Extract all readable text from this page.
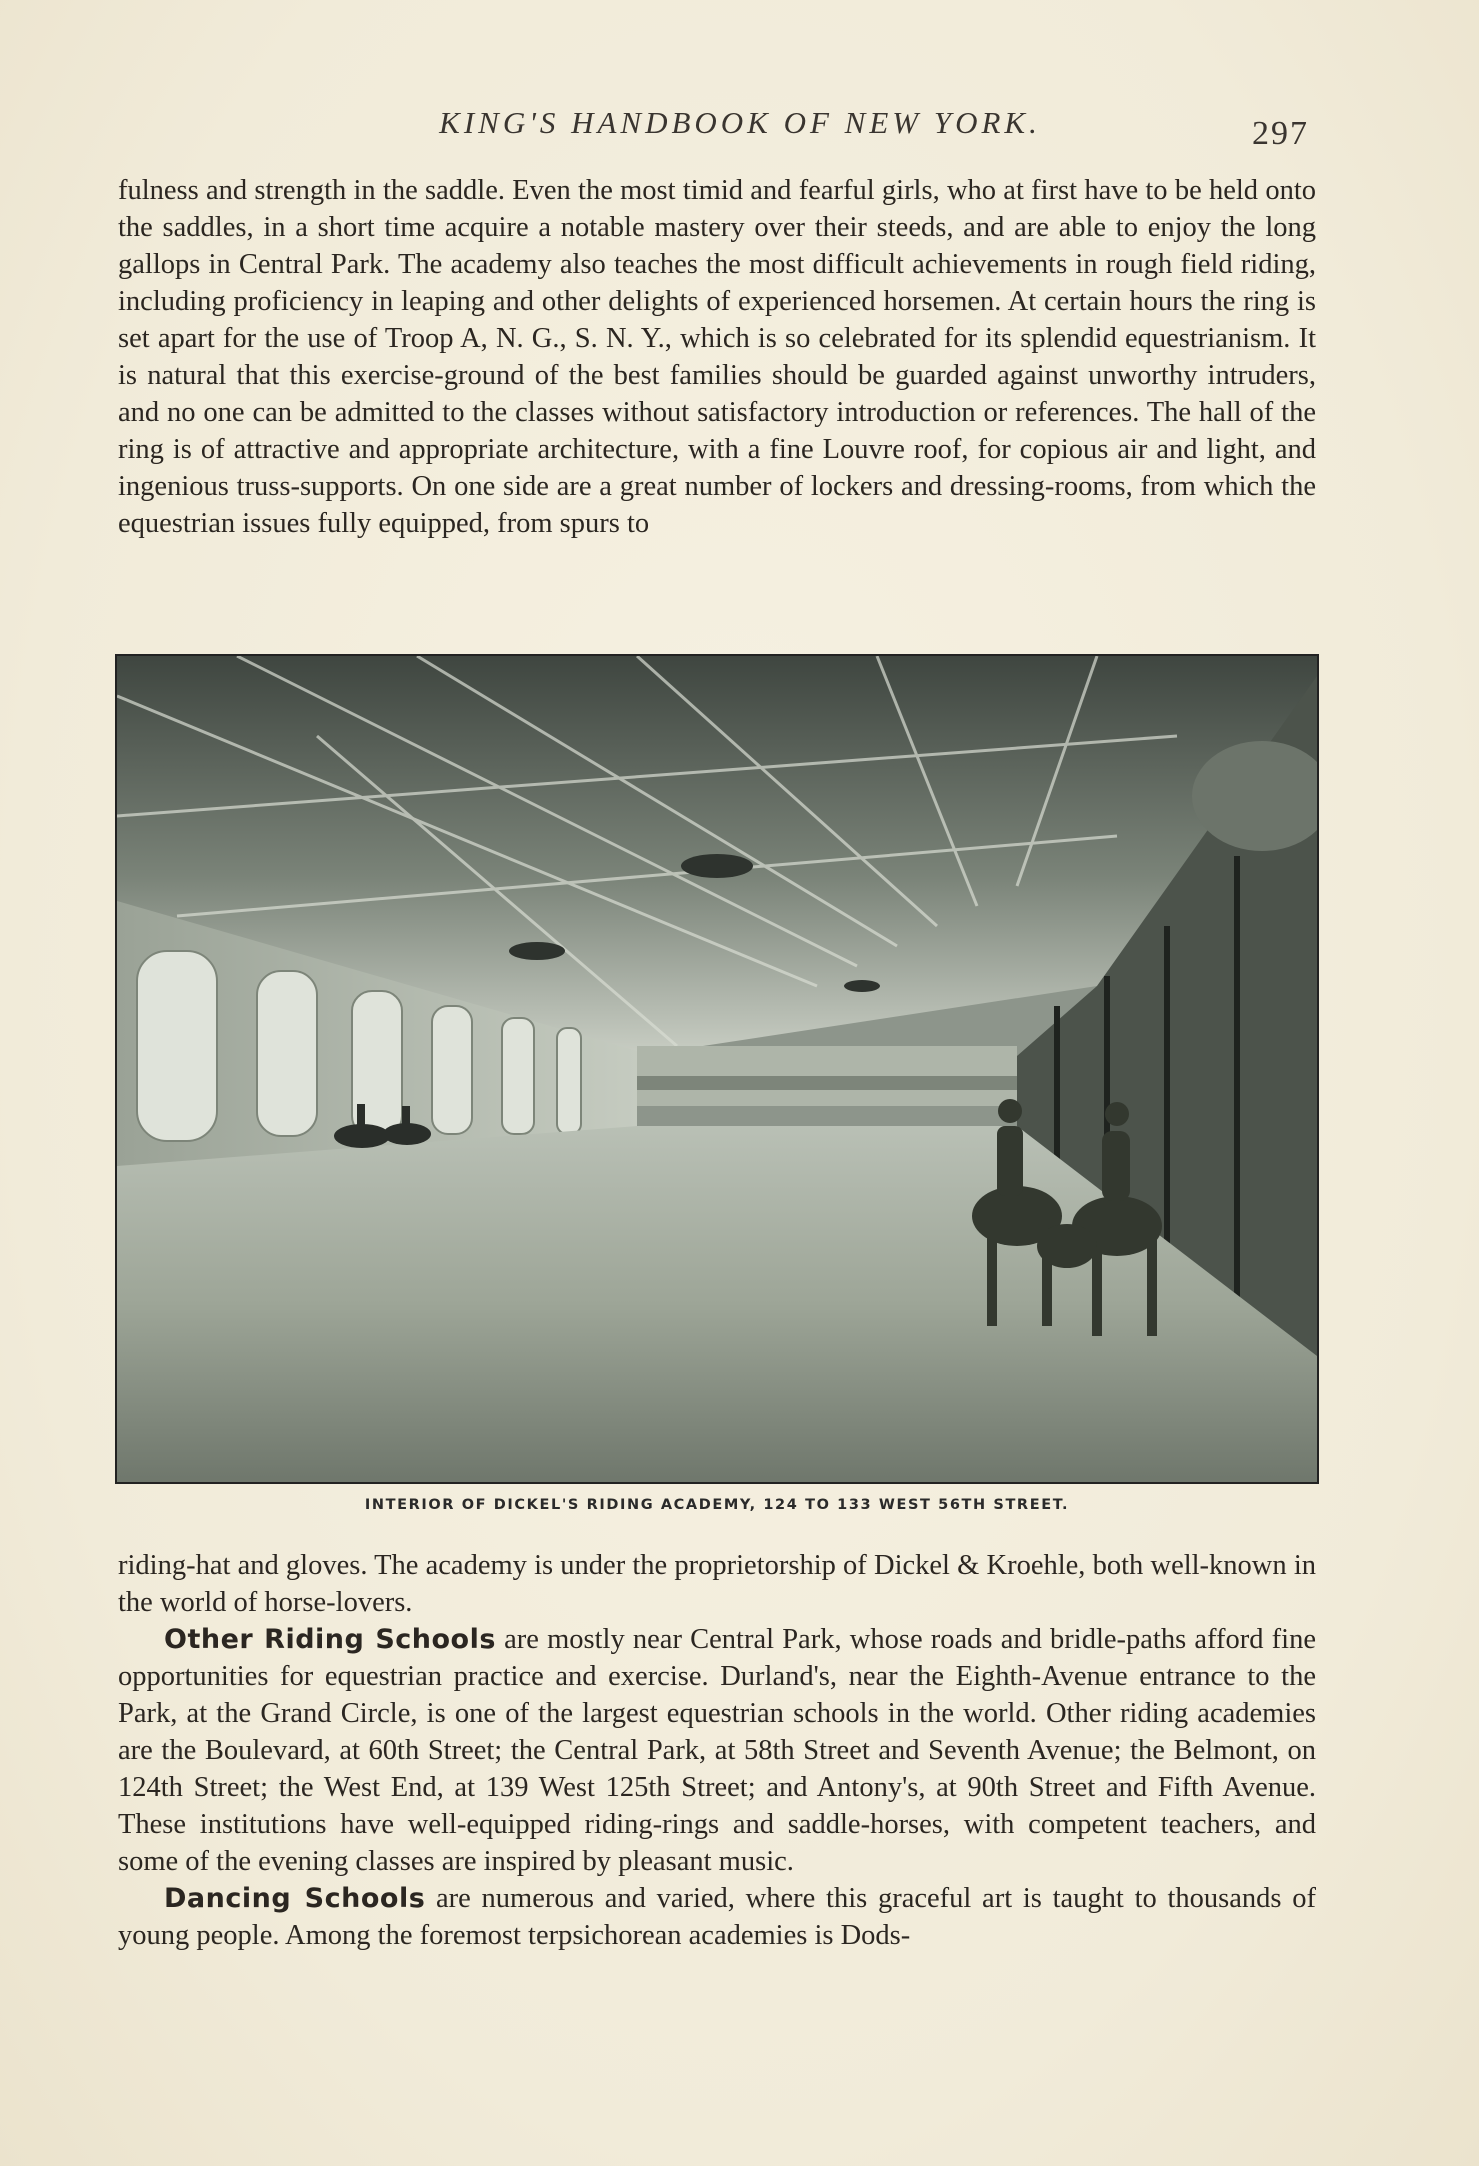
KING'S HANDBOOK OF NEW YORK.	297

fulness and strength in the saddle. Even the most timid and fearful girls, who at first have to be held onto the saddles, in a short time acquire a notable mastery over their steeds, and are able to enjoy the long gallops in Central Park. The academy also teaches the most difficult achievements in rough field riding, including proficiency in leaping and other delights of experienced horsemen. At certain hours the ring is set apart for the use of Troop A, N. G., S. N. Y., which is so celebrated for its splendid equestrianism. It is natural that this exercise-ground of the best families should be guarded against unworthy intruders, and no one can be admitted to the classes without satisfactory introduction or references. The hall of the ring is of attractive and appropriate architecture, with a fine Louvre roof, for copious air and light, and ingenious truss-supports. On one side are a great number of lockers and dressing-rooms, from which the equestrian issues fully equipped, from spurs to

INTERIOR OF DICKEL'S RIDING ACADEMY, 124 TO 133 WEST 56TH STREET.
riding-hat and gloves. The academy is under the proprietorship of Dickel & Kroehle, both well-known in the world of horse-lovers.
Other Riding Schools are mostly near Central Park, whose roads and bridle-paths afford fine opportunities for equestrian practice and exercise. Durland's, near the Eighth-Avenue entrance to the Park, at the Grand Circle, is one of the largest equestrian schools in the world. Other riding academies are the Boulevard, at 60th Street; the Central Park, at 58th Street and Seventh Avenue; the Belmont, on 124th Street; the West End, at 139 West 125th Street; and Antony's, at 90th Street and Fifth Avenue. These institutions have well-equipped riding-rings and saddle-horses, with competent teachers, and some of the evening classes are inspired by pleasant music.
Dancing Schools are numerous and varied, where this graceful art is taught to thousands of young people. Among the foremost terpsichorean academies is Dods-
